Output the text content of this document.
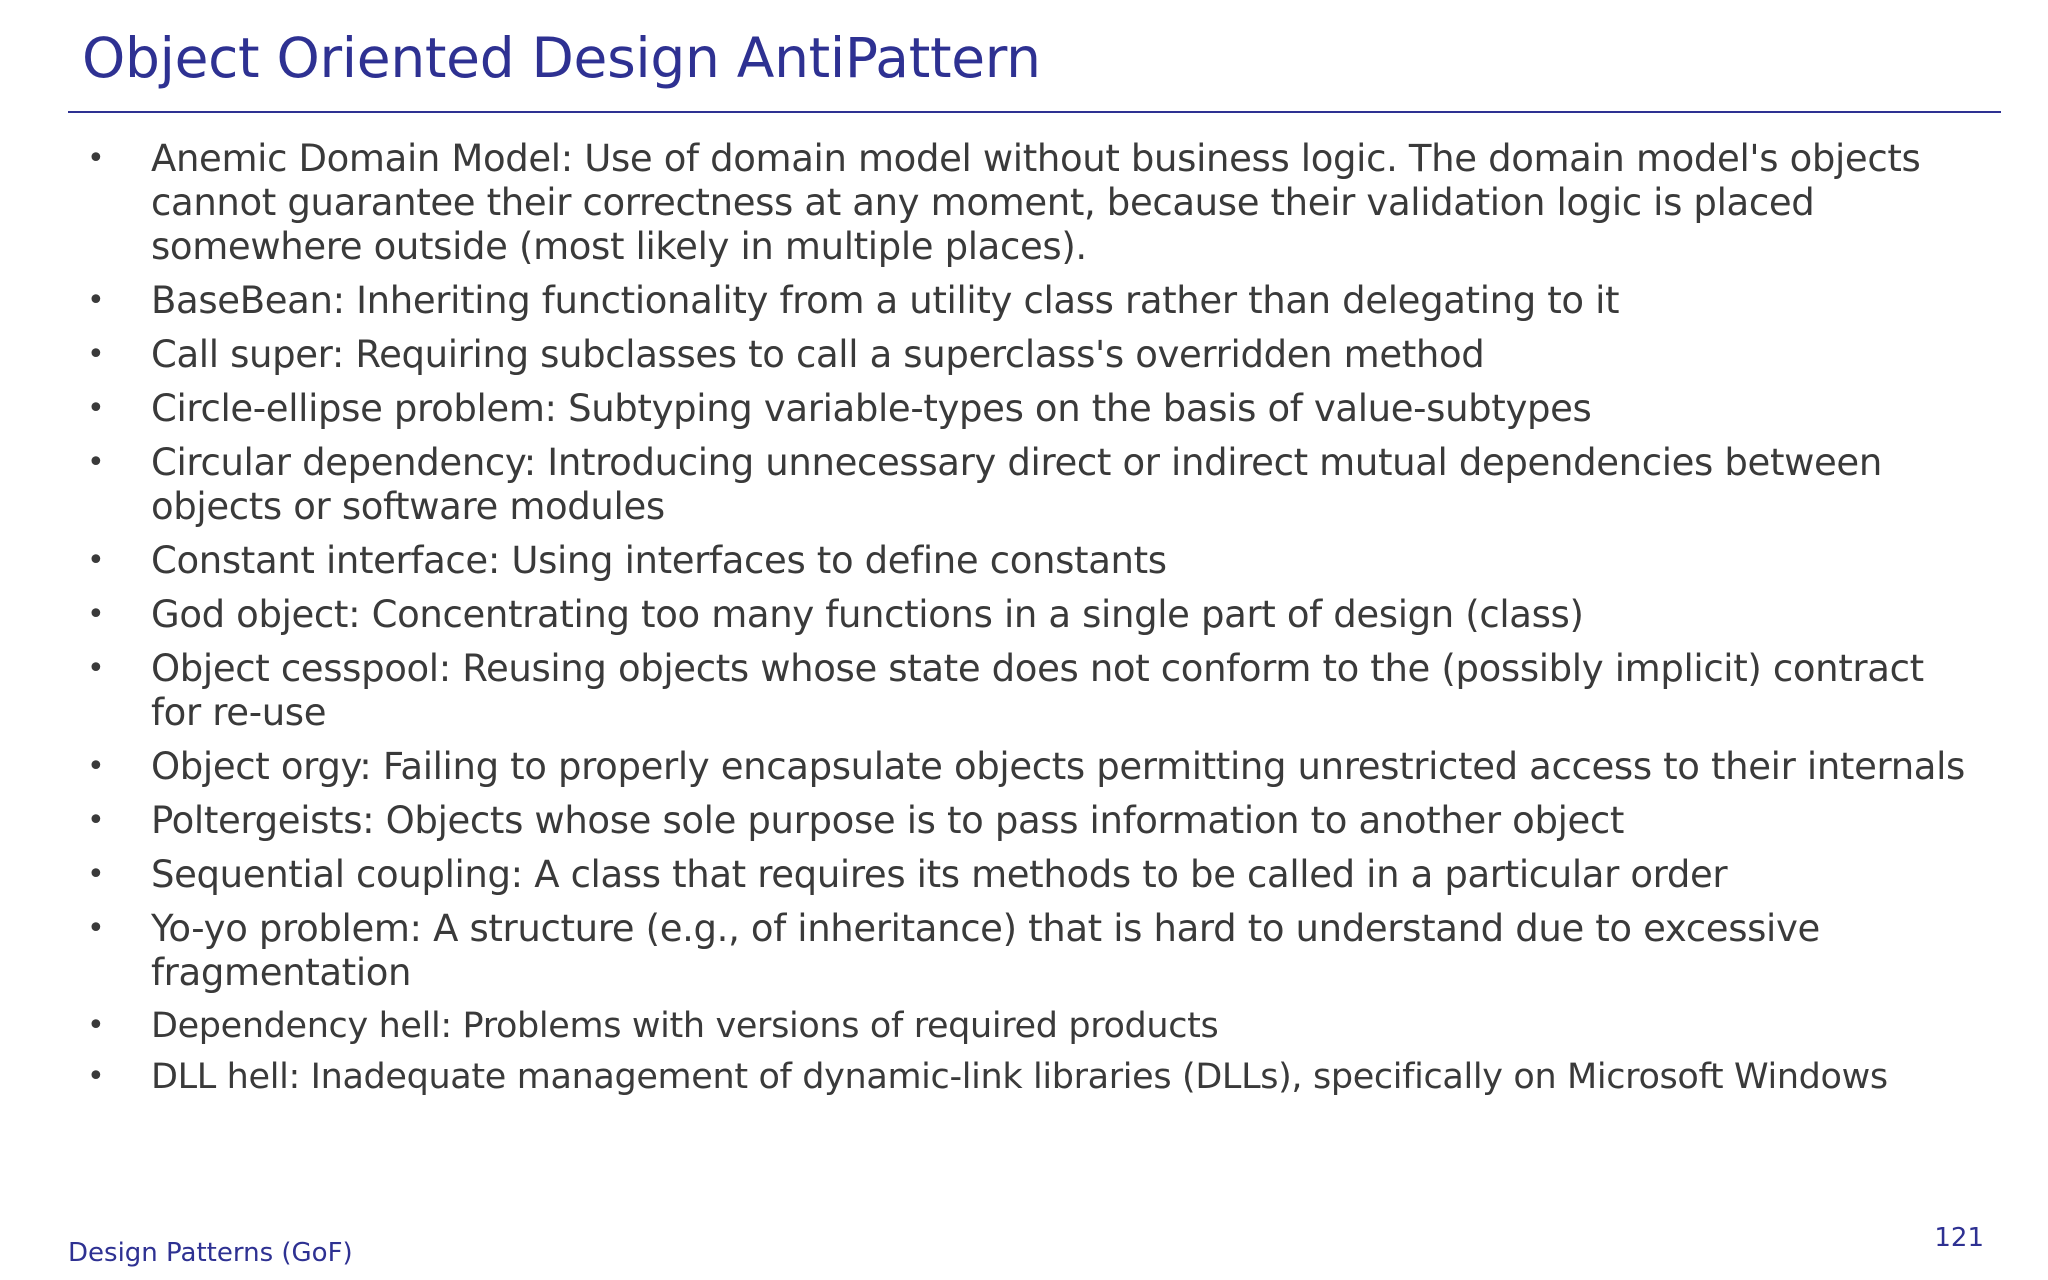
Object Oriented Design AntiPattern
• Anemic Domain Model: Use of domain model without business logic. The domain model's objects cannot guarantee their correctness at any moment, because their validation logic is placed somewhere outside (most likely in multiple places).
• BaseBean: Inheriting functionality from a utility class rather than delegating to it
• Call super: Requiring subclasses to call a superclass's overridden method
• Circle-ellipse problem: Subtyping variable-types on the basis of value-subtypes
• Circular dependency: Introducing unnecessary direct or indirect mutual dependencies between objects or software modules
• Constant interface: Using interfaces to define constants
• God object: Concentrating too many functions in a single part of design (class)
• Object cesspool: Reusing objects whose state does not conform to the (possibly implicit) contract for re-use
• Object orgy: Failing to properly encapsulate objects permitting unrestricted access to their internals
• Poltergeists: Objects whose sole purpose is to pass information to another object
• Sequential coupling: A class that requires its methods to be called in a particular order
• Yo-yo problem: A structure (e.g., of inheritance) that is hard to understand due to excessive fragmentation
• Dependency hell: Problems with versions of required products
• DLL hell: Inadequate management of dynamic-link libraries (DLLs), specifically on Microsoft Windows
Design Patterns (GoF)	121
